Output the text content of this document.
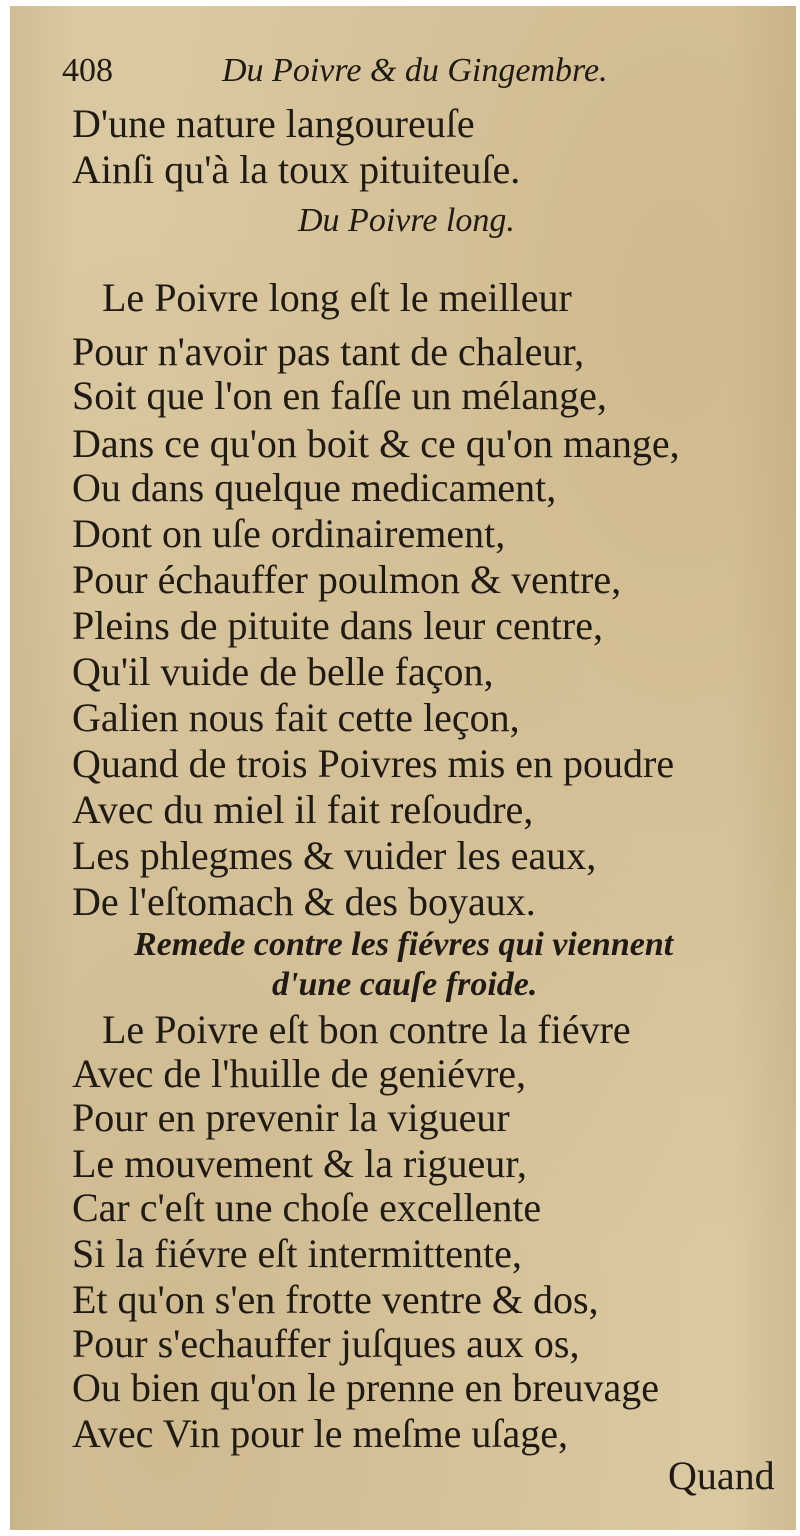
408	Du Poivre & du Gingembre.
D'une nature langoureuſe
Ainſi qu'à la toux pituiteuſe.
Du Poivre long.
Le Poivre long eſt le meilleur
Pour n'avoir pas tant de chaleur,
Soit que l'on en faſſe un mélange,
Dans ce qu'on boit & ce qu'on mange,
Ou dans quelque medicament,
Dont on uſe ordinairement,
Pour échauffer poulmon & ventre,
Pleins de pituite dans leur centre,
Qu'il vuide de belle façon,
Galien nous fait cette leçon,
Quand de trois Poivres mis en poudre
Avec du miel il fait reſoudre,
Les phlegmes & vuider les eaux,
De l'eſtomach & des boyaux.
Remede contre les fiévres qui viennent
d'une cauſe froide.
Le Poivre eſt bon contre la fiévre
Avec de l'huille de geniévre,
Pour en prevenir la vigueur
Le mouvement & la rigueur,
Car c'eſt une choſe excellente
Si la fiévre eſt intermittente,
Et qu'on s'en frotte ventre & dos,
Pour s'echauffer juſques aux os,
Ou bien qu'on le prenne en breuvage
Avec Vin pour le meſme uſage,
Quand
